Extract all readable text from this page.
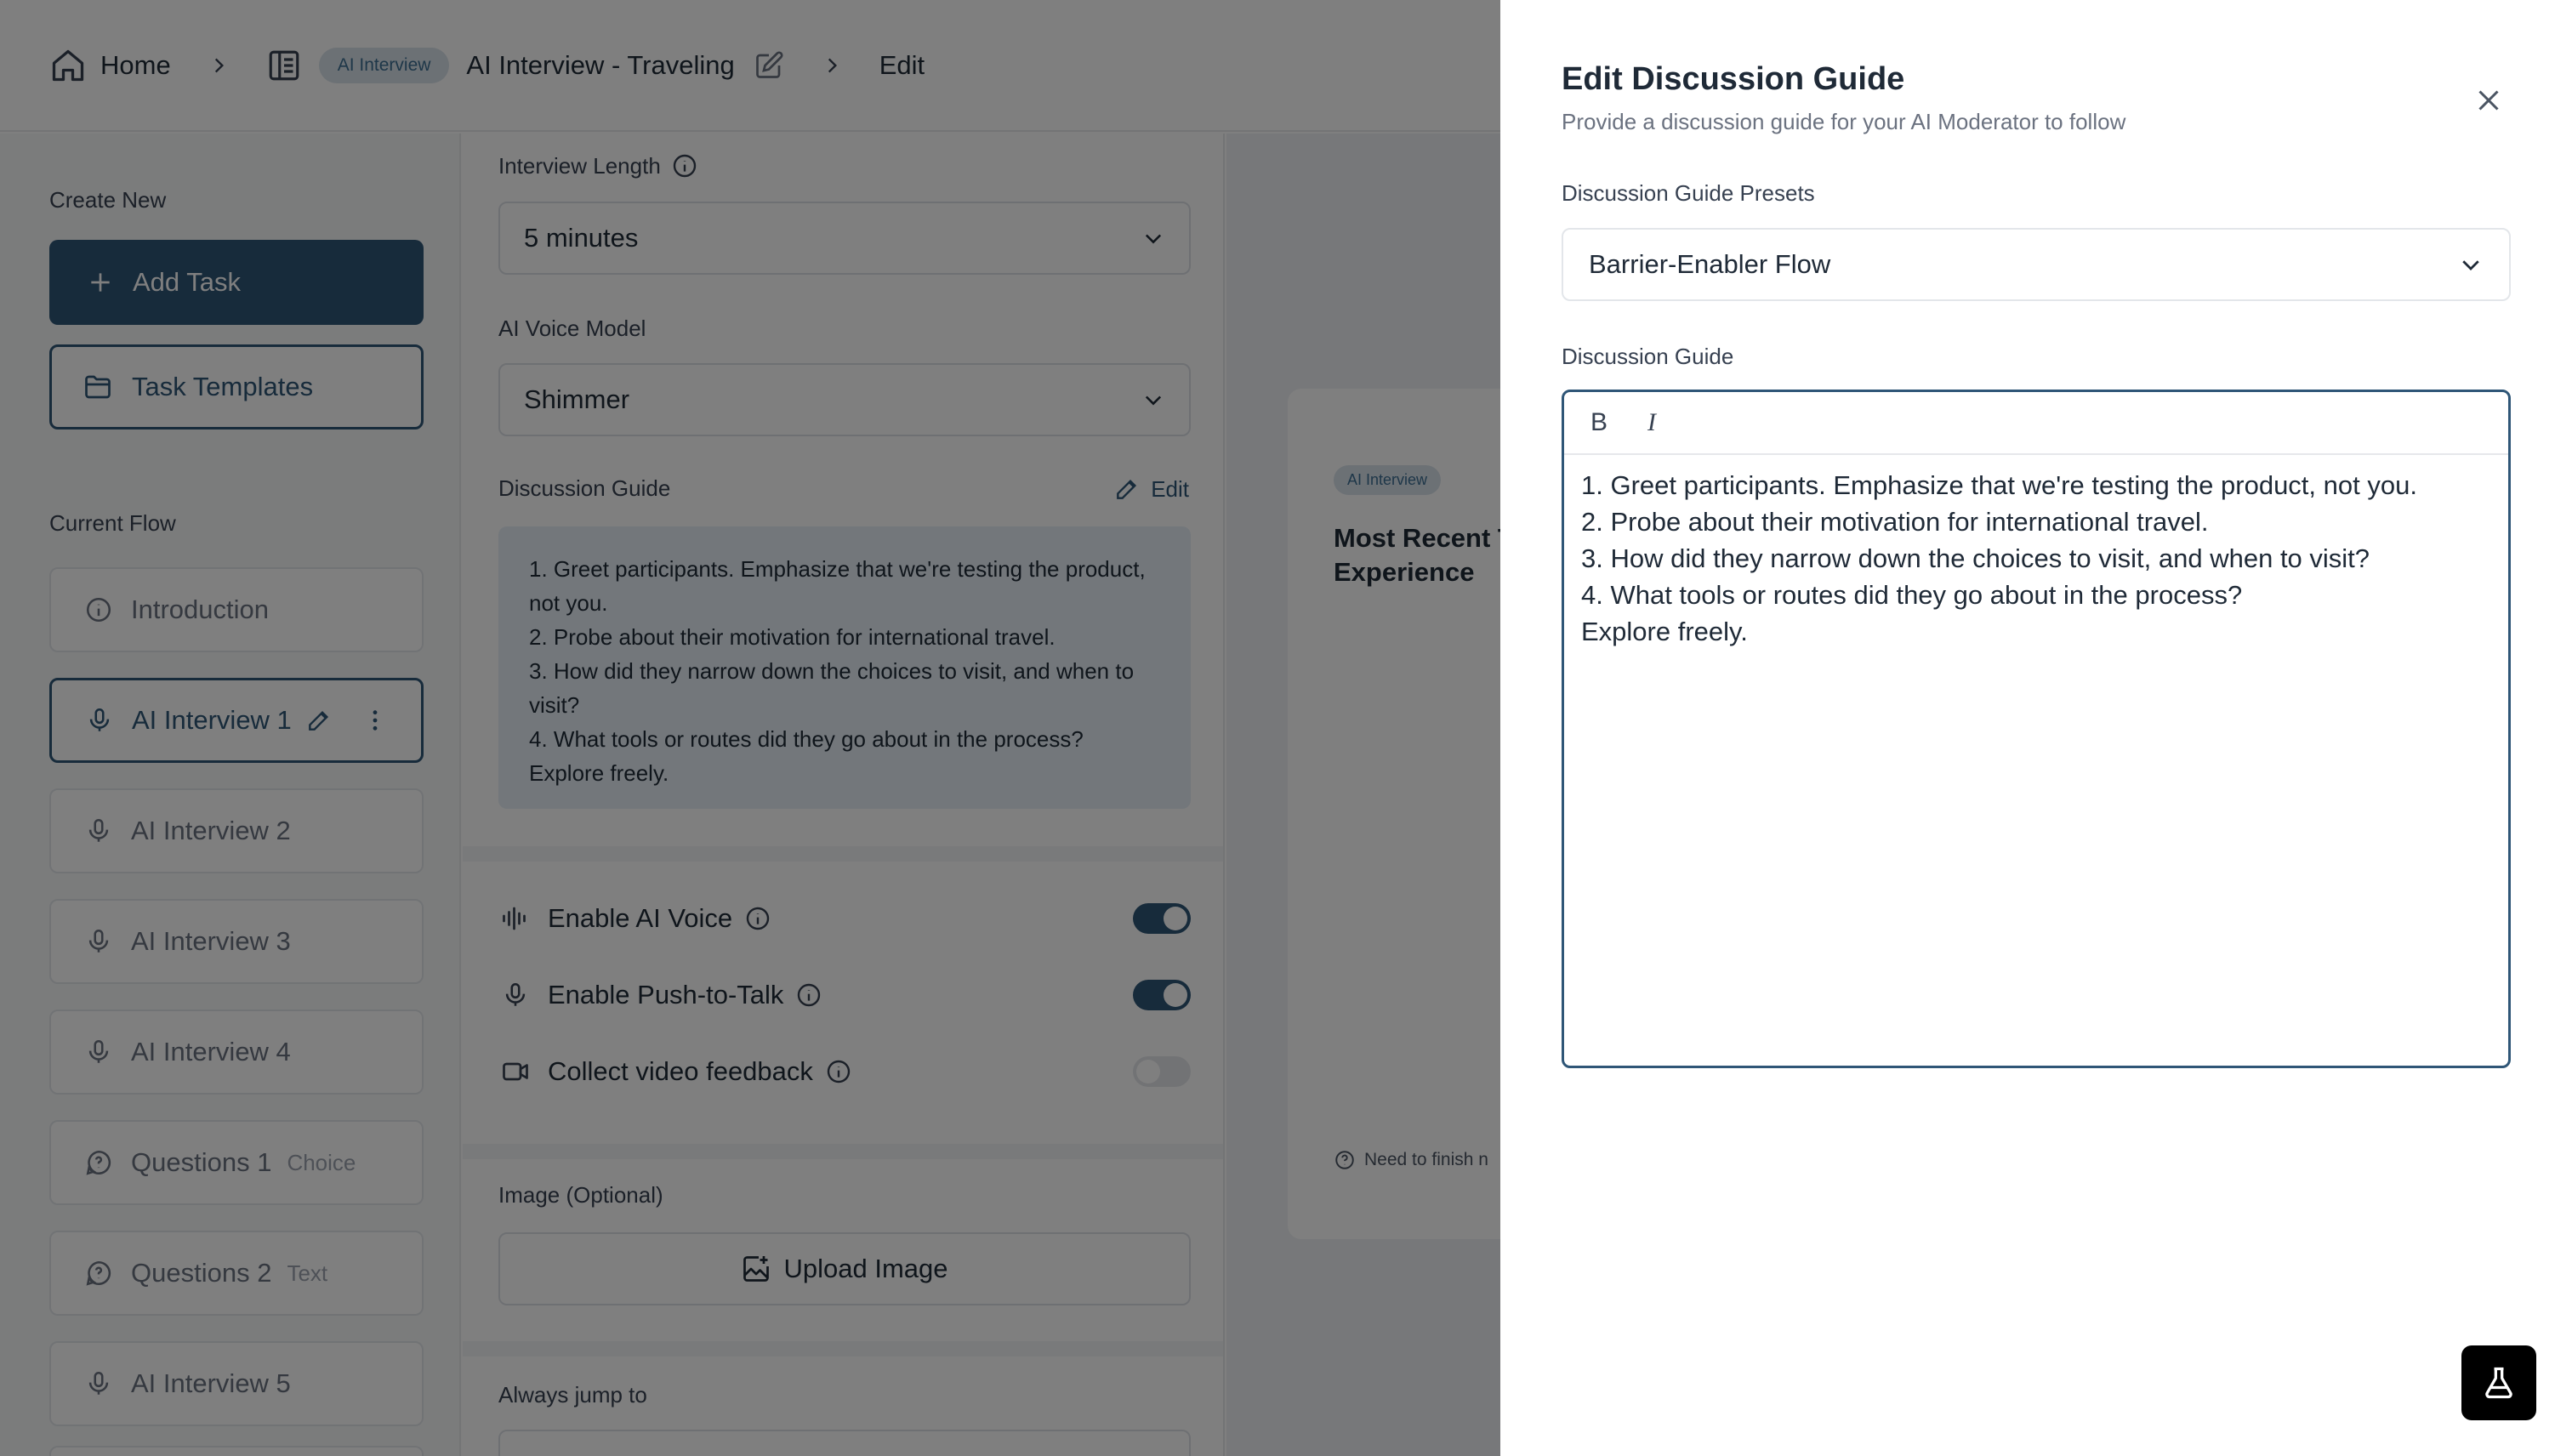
Edit Discussion Guide
Provide a discussion guide for your AI Moderator to follow
Discussion Guide Presets
Barrier-Enabler Flow
Discussion Guide
B	I
1. Greet participants. Emphasize that we're testing the product, not you.
2. Probe about their motivation for international travel.
3. How did they narrow down the choices to visit, and when to visit?
4. What tools or routes did they go about in the process?
Explore freely.
